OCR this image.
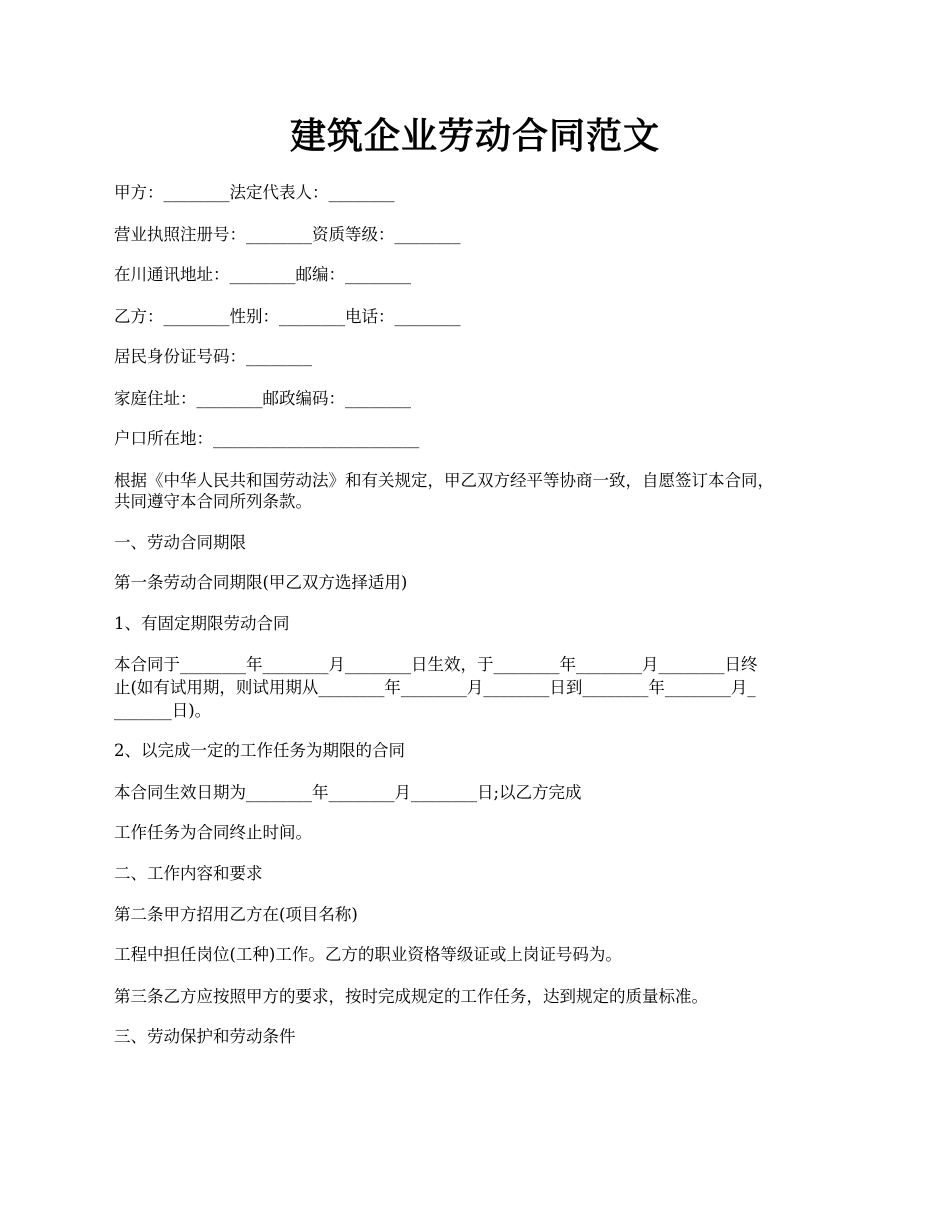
建筑企业劳动合同范文
甲方：________法定代表人：________
营业执照注册号：________资质等级：________
在川通讯地址：________邮编：________
乙方：________性别：________电话：________
居民身份证号码：________
家庭住址：________邮政编码：________
户口所在地：_________________________
根据《中华人民共和国劳动法》和有关规定，甲乙双方经平等协商一致，自愿签订本合同，
共同遵守本合同所列条款。
一、劳动合同期限
第一条劳动合同期限(甲乙双方选择适用)
1、有固定期限劳动合同
本合同于________年________月________日生效，于________年________月________日终
止(如有试用期，则试用期从________年________月________日到________年________月_
_______日)。
2、以完成一定的工作任务为期限的合同
本合同生效日期为________年________月________日;以乙方完成
工作任务为合同终止时间。
二、工作内容和要求
第二条甲方招用乙方在(项目名称)
工程中担任岗位(工种)工作。乙方的职业资格等级证或上岗证号码为。
第三条乙方应按照甲方的要求，按时完成规定的工作任务，达到规定的质量标准。
三、劳动保护和劳动条件
